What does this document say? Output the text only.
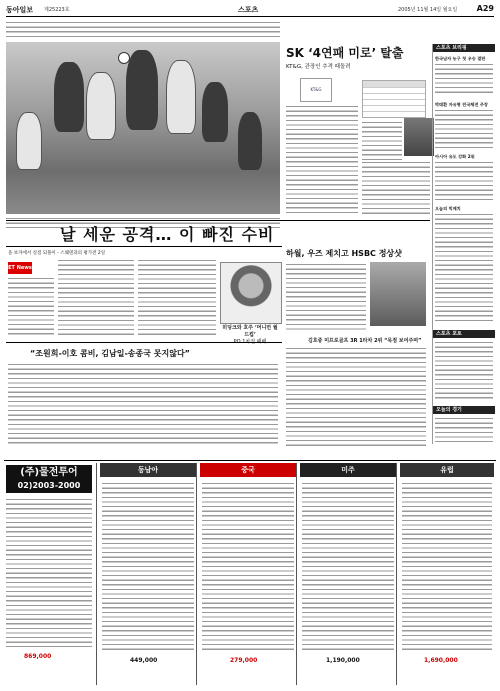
동아일보 제25223호	스포츠	2005년 11월 14일 월요일 A29
SK ‘4연패 미로’ 탈출
KT&G, 관장인 추격 때돌려
KT&G
스포츠 브리핑
한국남자 농구 첫 우승 결판
박태환 자유형 전국체전 주장
아시아 유도 강화 2위
오늘의 빅매치
스포츠 포토
오늘의 경기
날 세운 공격… 이 빠진 수비
올 보자에서 실점 되풀이 - 스웨덴과의 평가전 2일
ET News
히딩크와 호주 ‘머니먼 월드컵’
PO 1차전 패배
하월, 우즈 제치고 HSBC 정상샷
김호중 미프로골프 3R 1타차 2위 “목점 보여주며”
“조원희-이호 콤비, 김남일-송종국 못지않다”
(주)물전투어
02)2003-2000
869,000
동남아
449,000
중국
279,000
미주
1,190,000
유럽
1,690,000
